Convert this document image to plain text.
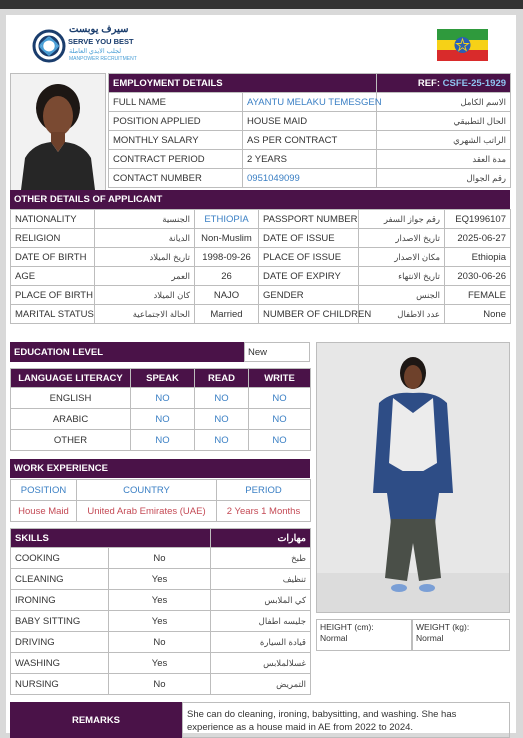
سيرف يوبست
SERVE YOU BEST
لجلب الايدي العاملة
MANPOWER RECRUITMENT
EMPLOYMENT DETAILS		REF: CSFE-25-1929
FULL NAME	AYANTU MELAKU TEMESGEN	الاسم الكامل
POSITION APPLIED	HOUSE MAID	الحال التطبيقي
MONTHLY SALARY	AS PER CONTRACT	الراتب الشهري
CONTRACT PERIOD	2 YEARS	مدة العقد
CONTACT NUMBER	0951049099	رقم الجوال
OTHER DETAILS OF APPLICANT
NATIONALITY	الجنسية	ETHIOPIA	PASSPORT NUMBER	رقم جواز السفر	EQ1996107
RELIGION	الديانة	Non-Muslim	DATE OF ISSUE	تاريخ الاصدار	2025-06-27
DATE OF BIRTH	تاريخ الميلاد	1998-09-26	PLACE OF ISSUE	مكان الاصدار	Ethiopia
AGE	العمر	26	DATE OF EXPIRY	تاريخ الانتهاء	2030-06-26
PLACE OF BIRTH	كان الميلاد	NAJO	GENDER	الجنس	FEMALE
MARITAL STATUS	الحالة الاجتماعية	Married	NUMBER OF CHILDREN	عدد الاطفال	None
EDUCATION LEVEL	New
LANGUAGE LITERACY	SPEAK	READ	WRITE
ENGLISH	NO	NO	NO
ARABIC	NO	NO	NO
OTHER	NO	NO	NO
WORK EXPERIENCE
POSITION	COUNTRY	PERIOD
House Maid	United Arab Emirates (UAE)	2 Years 1 Months
SKILLS		مهارات
COOKING	No	طبخ
CLEANING	Yes	تنظيف
IRONING	Yes	كي الملابس
BABY SITTING	Yes	جليسه اطفال
DRIVING	No	قيادة السيارة
WASHING	Yes	غسلالملابس
NURSING	No	التمريض
HEIGHT (cm):
Normal
WEIGHT (kg):
Normal
REMARKS	She can do cleaning, ironing, babysitting, and washing. She has experience as a house maid in AE from 2022 to 2024.
